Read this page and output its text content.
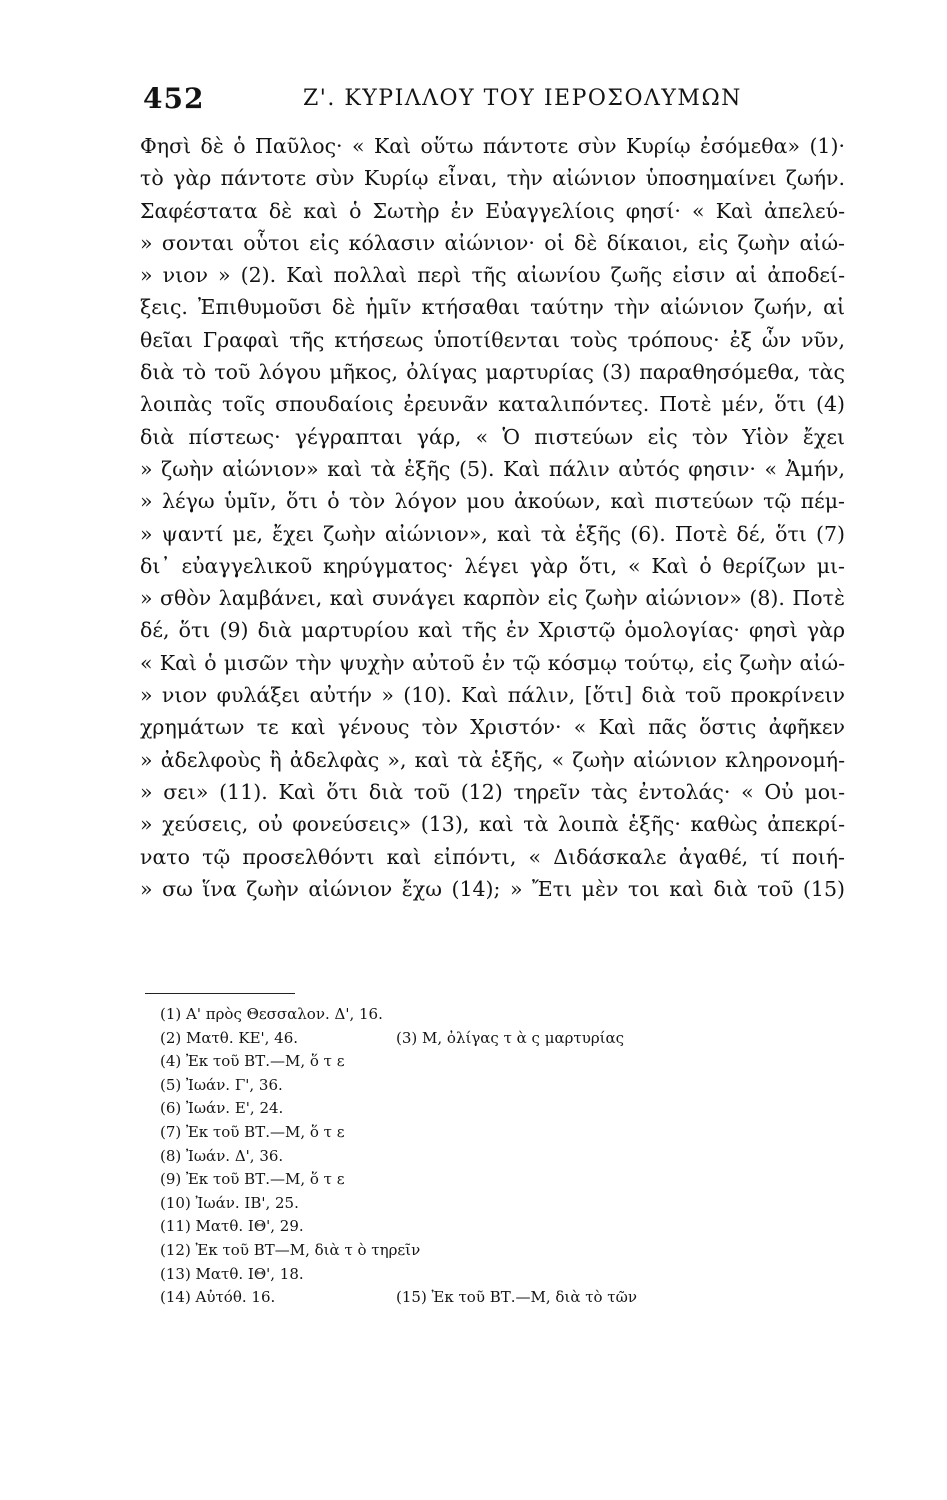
452	Ζ'. ΚΥΡΙΛΛΟΥ ΤΟΥ ΙΕΡΟΣΟΛΥΜΩΝ
Φησὶ δὲ ὁ Παῦλος· « Καὶ οὕτω πάντοτε σὺν Κυρίῳ ἐσόμεθα» (1)·
τὸ γὰρ πάντοτε σὺν Κυρίῳ εἶναι, τὴν αἰώνιον ὑποσημαίνει ζωήν.
Σαφέστατα δὲ καὶ ὁ Σωτὴρ ἐν Εὐαγγελίοις φησί· « Καὶ ἀπελεύ-
» σονται οὗτοι εἰς κόλασιν αἰώνιον· οἱ δὲ δίκαιοι, εἰς ζωὴν αἰώ-
» νιον » (2). Καὶ πολλαὶ περὶ τῆς αἰωνίου ζωῆς εἰσιν αἱ ἀποδεί-
ξεις. Ἐπιθυμοῦσι δὲ ἡμῖν κτήσαθαι ταύτην τὴν αἰώνιον ζωήν, αἱ
θεῖαι Γραφαὶ τῆς κτήσεως ὑποτίθενται τοὺς τρόπους· ἐξ ὧν νῦν,
διὰ τὸ τοῦ λόγου μῆκος, ὀλίγας μαρτυρίας (3) παραθησόμεθα, τὰς
λοιπὰς τοῖς σπουδαίοις ἐρευνᾶν καταλιπόντες. Ποτὲ μέν, ὅτι (4)
διὰ πίστεως· γέγραπται γάρ, « Ὁ πιστεύων εἰς τὸν Υἱὸν ἔχει
» ζωὴν αἰώνιον» καὶ τὰ ἑξῆς (5). Καὶ πάλιν αὐτός φησιν· « Ἀμήν,
» λέγω ὑμῖν, ὅτι ὁ τὸν λόγον μου ἀκούων, καὶ πιστεύων τῷ πέμ-
» ψαντί με, ἔχει ζωὴν αἰώνιον», καὶ τὰ ἑξῆς (6). Ποτὲ δέ, ὅτι (7)
δι᾽ εὐαγγελικοῦ κηρύγματος· λέγει γὰρ ὅτι, « Καὶ ὁ θερίζων μι-
» σθὸν λαμβάνει, καὶ συνάγει καρπὸν εἰς ζωὴν αἰώνιον» (8). Ποτὲ
δέ, ὅτι (9) διὰ μαρτυρίου καὶ τῆς ἐν Χριστῷ ὁμολογίας· φησὶ γὰρ
« Καὶ ὁ μισῶν τὴν ψυχὴν αὐτοῦ ἐν τῷ κόσμῳ τούτῳ, εἰς ζωὴν αἰώ-
» νιον φυλάξει αὐτήν » (10). Καὶ πάλιν, [ὅτι] διὰ τοῦ προκρίνειν
χρημάτων τε καὶ γένους τὸν Χριστόν· « Καὶ πᾶς ὅστις ἀφῆκεν
» ἀδελφοὺς ἢ ἀδελφὰς », καὶ τὰ ἑξῆς, « ζωὴν αἰώνιον κληρονομή-
» σει» (11). Καὶ ὅτι διὰ τοῦ (12) τηρεῖν τὰς ἐντολάς· « Οὐ μοι-
» χεύσεις, οὐ φονεύσεις» (13), καὶ τὰ λοιπὰ ἑξῆς· καθὼς ἀπεκρί-
νατο τῷ προσελθόντι καὶ εἰπόντι, « Διδάσκαλε ἀγαθέ, τί ποιή-
» σω ἵνα ζωὴν αἰώνιον ἔχω (14); » Ἔτι μὲν τοι καὶ διὰ τοῦ (15)
(1) Α' πρὸς Θεσσαλον. Δ', 16.
(2) Ματθ. ΚΕ', 46.	(3) Μ, ὀλίγας τ ὰ ς μαρτυρίας
(4) Ἐκ τοῦ ΒΤ.—Μ, ὅ τ ε
(5) Ἰωάν. Γ', 36.
(6) Ἰωάν. Ε', 24.
(7) Ἐκ τοῦ ΒΤ.—Μ, ὅ τ ε
(8) Ἰωάν. Δ', 36.
(9) Ἐκ τοῦ ΒΤ.—Μ, ὅ τ ε
(10) Ἰωάν. ΙΒ', 25.
(11) Ματθ. ΙΘ', 29.
(12) Ἐκ τοῦ ΒΤ—Μ, διὰ τ ὸ τηρεῖν
(13) Ματθ. ΙΘ', 18.
(14) Αὐτόθ. 16.	(15) Ἐκ τοῦ ΒΤ.—Μ, διὰ τὸ τῶν
